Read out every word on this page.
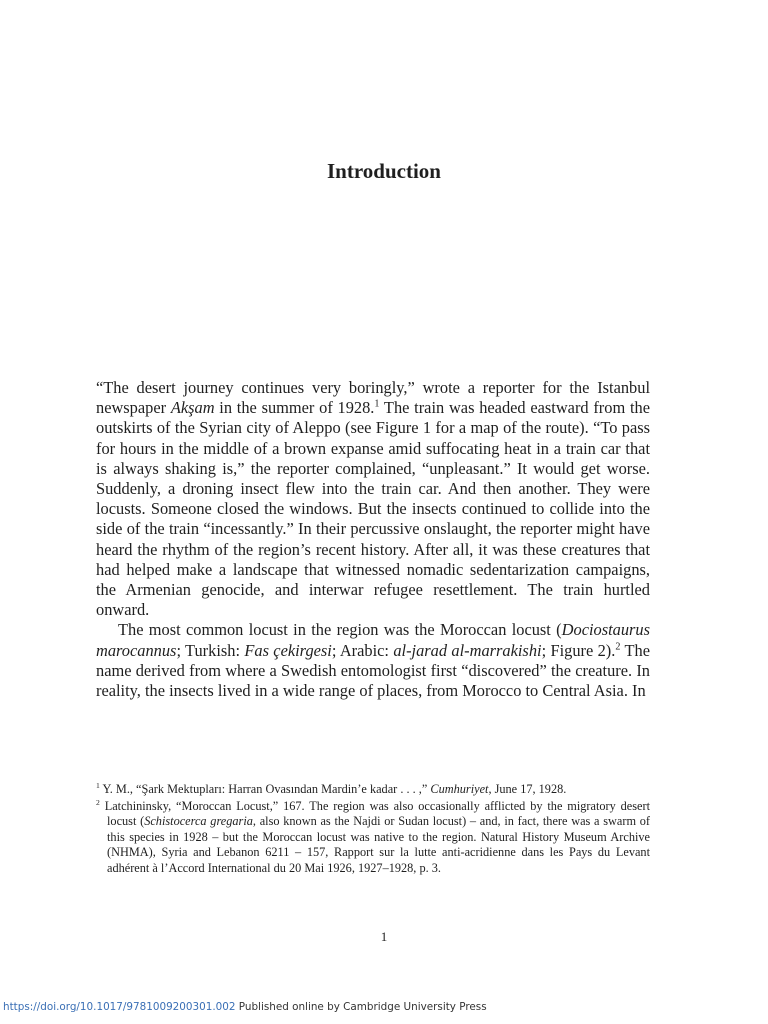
Introduction

“The desert journey continues very boringly,” wrote a reporter for the Istanbul newspaper Akşam in the summer of 1928.$^1$ The train was headed eastward from the outskirts of the Syrian city of Aleppo (see Figure 1 for a map of the route). “To pass for hours in the middle of a brown expanse amid suffocating heat in a train car that is always shaking is,” the reporter complained, “unpleasant.” It would get worse. Suddenly, a droning insect flew into the train car. And then another. They were locusts. Someone closed the windows. But the insects continued to collide into the side of the train “incessantly.” In their percussive onslaught, the reporter might have heard the rhythm of the region’s recent history. After all, it was these creatures that had helped make a landscape that witnessed nomadic sedentarization campaigns, the Armenian genocide, and interwar refugee resettlement. The train hurtled onward.

The most common locust in the region was the Moroccan locust (Dociostaurus marocannus; Turkish: Fas çekirgesi; Arabic: al-jarad al-marrakishi; Figure 2).$^2$ The name derived from where a Swedish entomologist first “discovered” the creature. In reality, the insects lived in a wide range of places, from Morocco to Central Asia. In

$^1$ Y. M., “Şark Mektupları: Harran Ovasından Mardin’e kadar . . . ,” Cumhuriyet, June 17, 1928.

$^2$ Latchininsky, “Moroccan Locust,” 167. The region was also occasionally afflicted by the migratory desert locust (Schistocerca gregaria, also known as the Najdi or Sudan locust) – and, in fact, there was a swarm of this species in 1928 – but the Moroccan locust was native to the region. Natural History Museum Archive (NHMA), Syria and Lebanon 6211 – 157, Rapport sur la lutte anti-acridienne dans les Pays du Levant adhérent à l’Accord International du 20 Mai 1926, 1927–1928, p. 3.

1
https://doi.org/10.1017/9781009200301.002 Published online by Cambridge University Press
